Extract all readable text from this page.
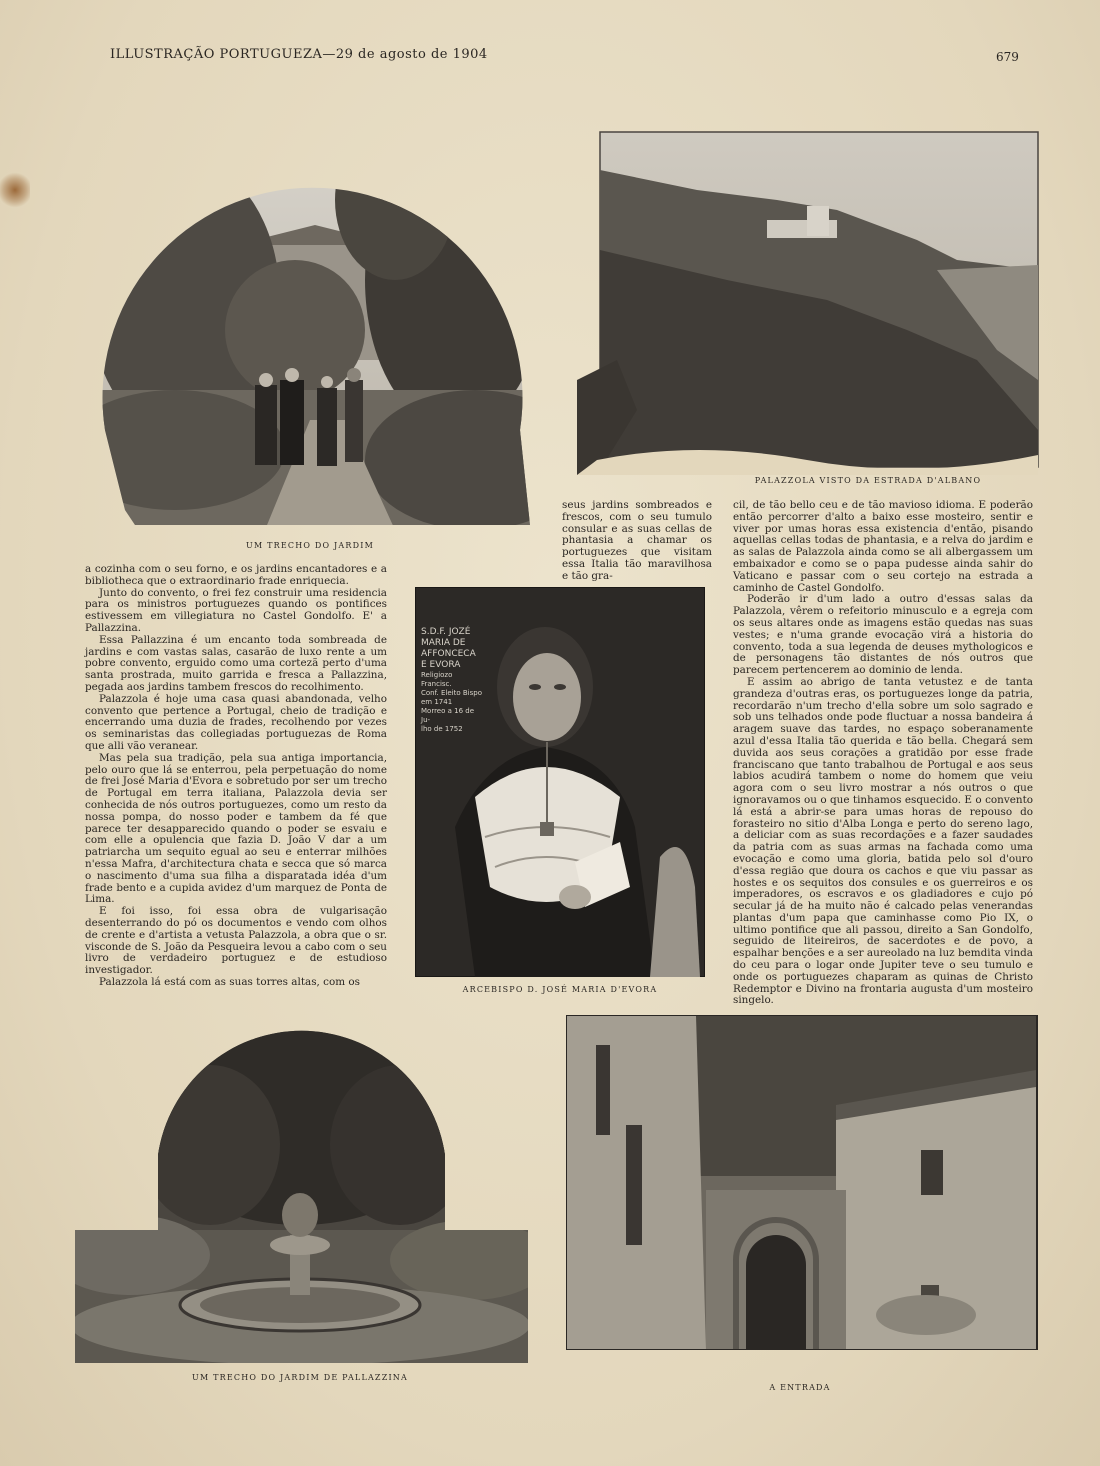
ILLUSTRAÇÃO PORTUGUEZA—29 de agosto de 1904	679
UM TRECHO DO JARDIM
PALAZZOLA VISTO DA ESTRADA D'ALBANO

seus jardins sombreados e frescos, com o seu tumulo consular e as suas cellas de phantasia a chamar os portuguezes que visitam essa Italia tão maravilhosa e tão gra-

S.D.F. JOZÉ
MARIA DE
AFFONCECA
E EVORA
Religiozo Francisc.
Conf. Eleito Bispo
em 1741
Morreo a 16 de Ju-
lho de 1752
ARCEBISPO D. JOSÉ MARIA D'EVORA

a cozinha com o seu forno, e os jardins encantadores e a bibliotheca que o extraordinario frade enriquecia.

Junto do convento, o frei fez construir uma residencia para os ministros portuguezes quando os pontifices estivessem em villegiatura no Castel Gondolfo. E' a Pallazzina.

Essa Pallazzina é um encanto toda sombreada de jardins e com vastas salas, casarão de luxo rente a um pobre convento, erguido como uma cortezã perto d'uma santa prostrada, muito garrida e fresca a Pallazzina, pegada aos jardins tambem frescos do recolhimento.

Palazzola é hoje uma casa quasi abandonada, velho convento que pertence a Portugal, cheio de tradição e encerrando uma duzia de frades, recolhendo por vezes os seminaristas das collegiadas portuguezas de Roma que alli vão veranear.

Mas pela sua tradição, pela sua antiga importancia, pelo ouro que lá se enterrou, pela perpetuação do nome de frei José Maria d'Evora e sobretudo por ser um trecho de Portugal em terra italiana, Palazzola devia ser conhecida de nós outros portuguezes, como um resto da nossa pompa, do nosso poder e tambem da fé que parece ter desapparecido quando o poder se esvaiu e com elle a opulencia que fazia D. João V dar a um patriarcha um sequito egual ao seu e enterrar milhões n'essa Mafra, d'architectura chata e secca que só marca o nascimento d'uma sua filha a disparatada idéa d'um frade bento e a cupida avidez d'um marquez de Ponta de Lima.

E foi isso, foi essa obra de vulgarisação desenterrando do pó os documentos e vendo com olhos de crente e d'artista a vetusta Palazzola, a obra que o sr. visconde de S. João da Pesqueira levou a cabo com o seu livro de verdadeiro portuguez e de estudioso investigador.

Palazzola lá está com as suas torres altas, com os

cil, de tão bello ceu e de tão mavioso idioma. E poderão então percorrer d'alto a baixo esse mosteiro, sentir e viver por umas horas essa existencia d'então, pisando aquellas cellas todas de phantasia, e a relva do jardim e as salas de Palazzola ainda como se ali albergassem um embaixador e como se o papa pudesse ainda sahir do Vaticano e passar com o seu cortejo na estrada a caminho de Castel Gondolfo.

Poderão ir d'um lado a outro d'essas salas da Palazzola, vêrem o refeitorio minusculo e a egreja com os seus altares onde as imagens estão quedas nas suas vestes; e n'uma grande evocação virá a historia do convento, toda a sua legenda de deuses mythologicos e de personagens tão distantes de nós outros que parecem pertencerem ao dominio de lenda.

E assim ao abrigo de tanta vetustez e de tanta grandeza d'outras eras, os portuguezes longe da patria, recordarão n'um trecho d'ella sobre um solo sagrado e sob uns telhados onde pode fluctuar a nossa bandeira á aragem suave das tardes, no espaço soberanamente azul d'essa Italia tão querida e tão bella. Chegará sem duvida aos seus corações a gratidão por esse frade franciscano que tanto trabalhou de Portugal e aos seus labios acudirá tambem o nome do homem que veiu agora com o seu livro mostrar a nós outros o que ignoravamos ou o que tinhamos esquecido. E o convento lá está a abrir-se para umas horas de repouso do forasteiro no sitio d'Alba Longa e perto do sereno lago, a deliciar com as suas recordações e a fazer saudades da patria com as suas armas na fachada como uma evocação e como uma gloria, batida pelo sol d'ouro d'essa região que doura os cachos e que viu passar as hostes e os sequitos dos consules e os guerreiros e os imperadores, os escravos e os gladiadores e cujo pó secular já de ha muito não é calcado pelas venerandas plantas d'um papa que caminhasse como Pio IX, o ultimo pontifice que ali passou, direito a San Gondolfo, seguido de liteireiros, de sacerdotes e de povo, a espalhar benções e a ser aureolado na luz bemdita vinda do ceu para o logar onde Jupiter teve o seu tumulo e onde os portuguezes chaparam as quinas de Christo Redemptor e Divino na frontaria augusta d'um mosteiro singelo.

UM TRECHO DO JARDIM DE PALLAZZINA
A ENTRADA
